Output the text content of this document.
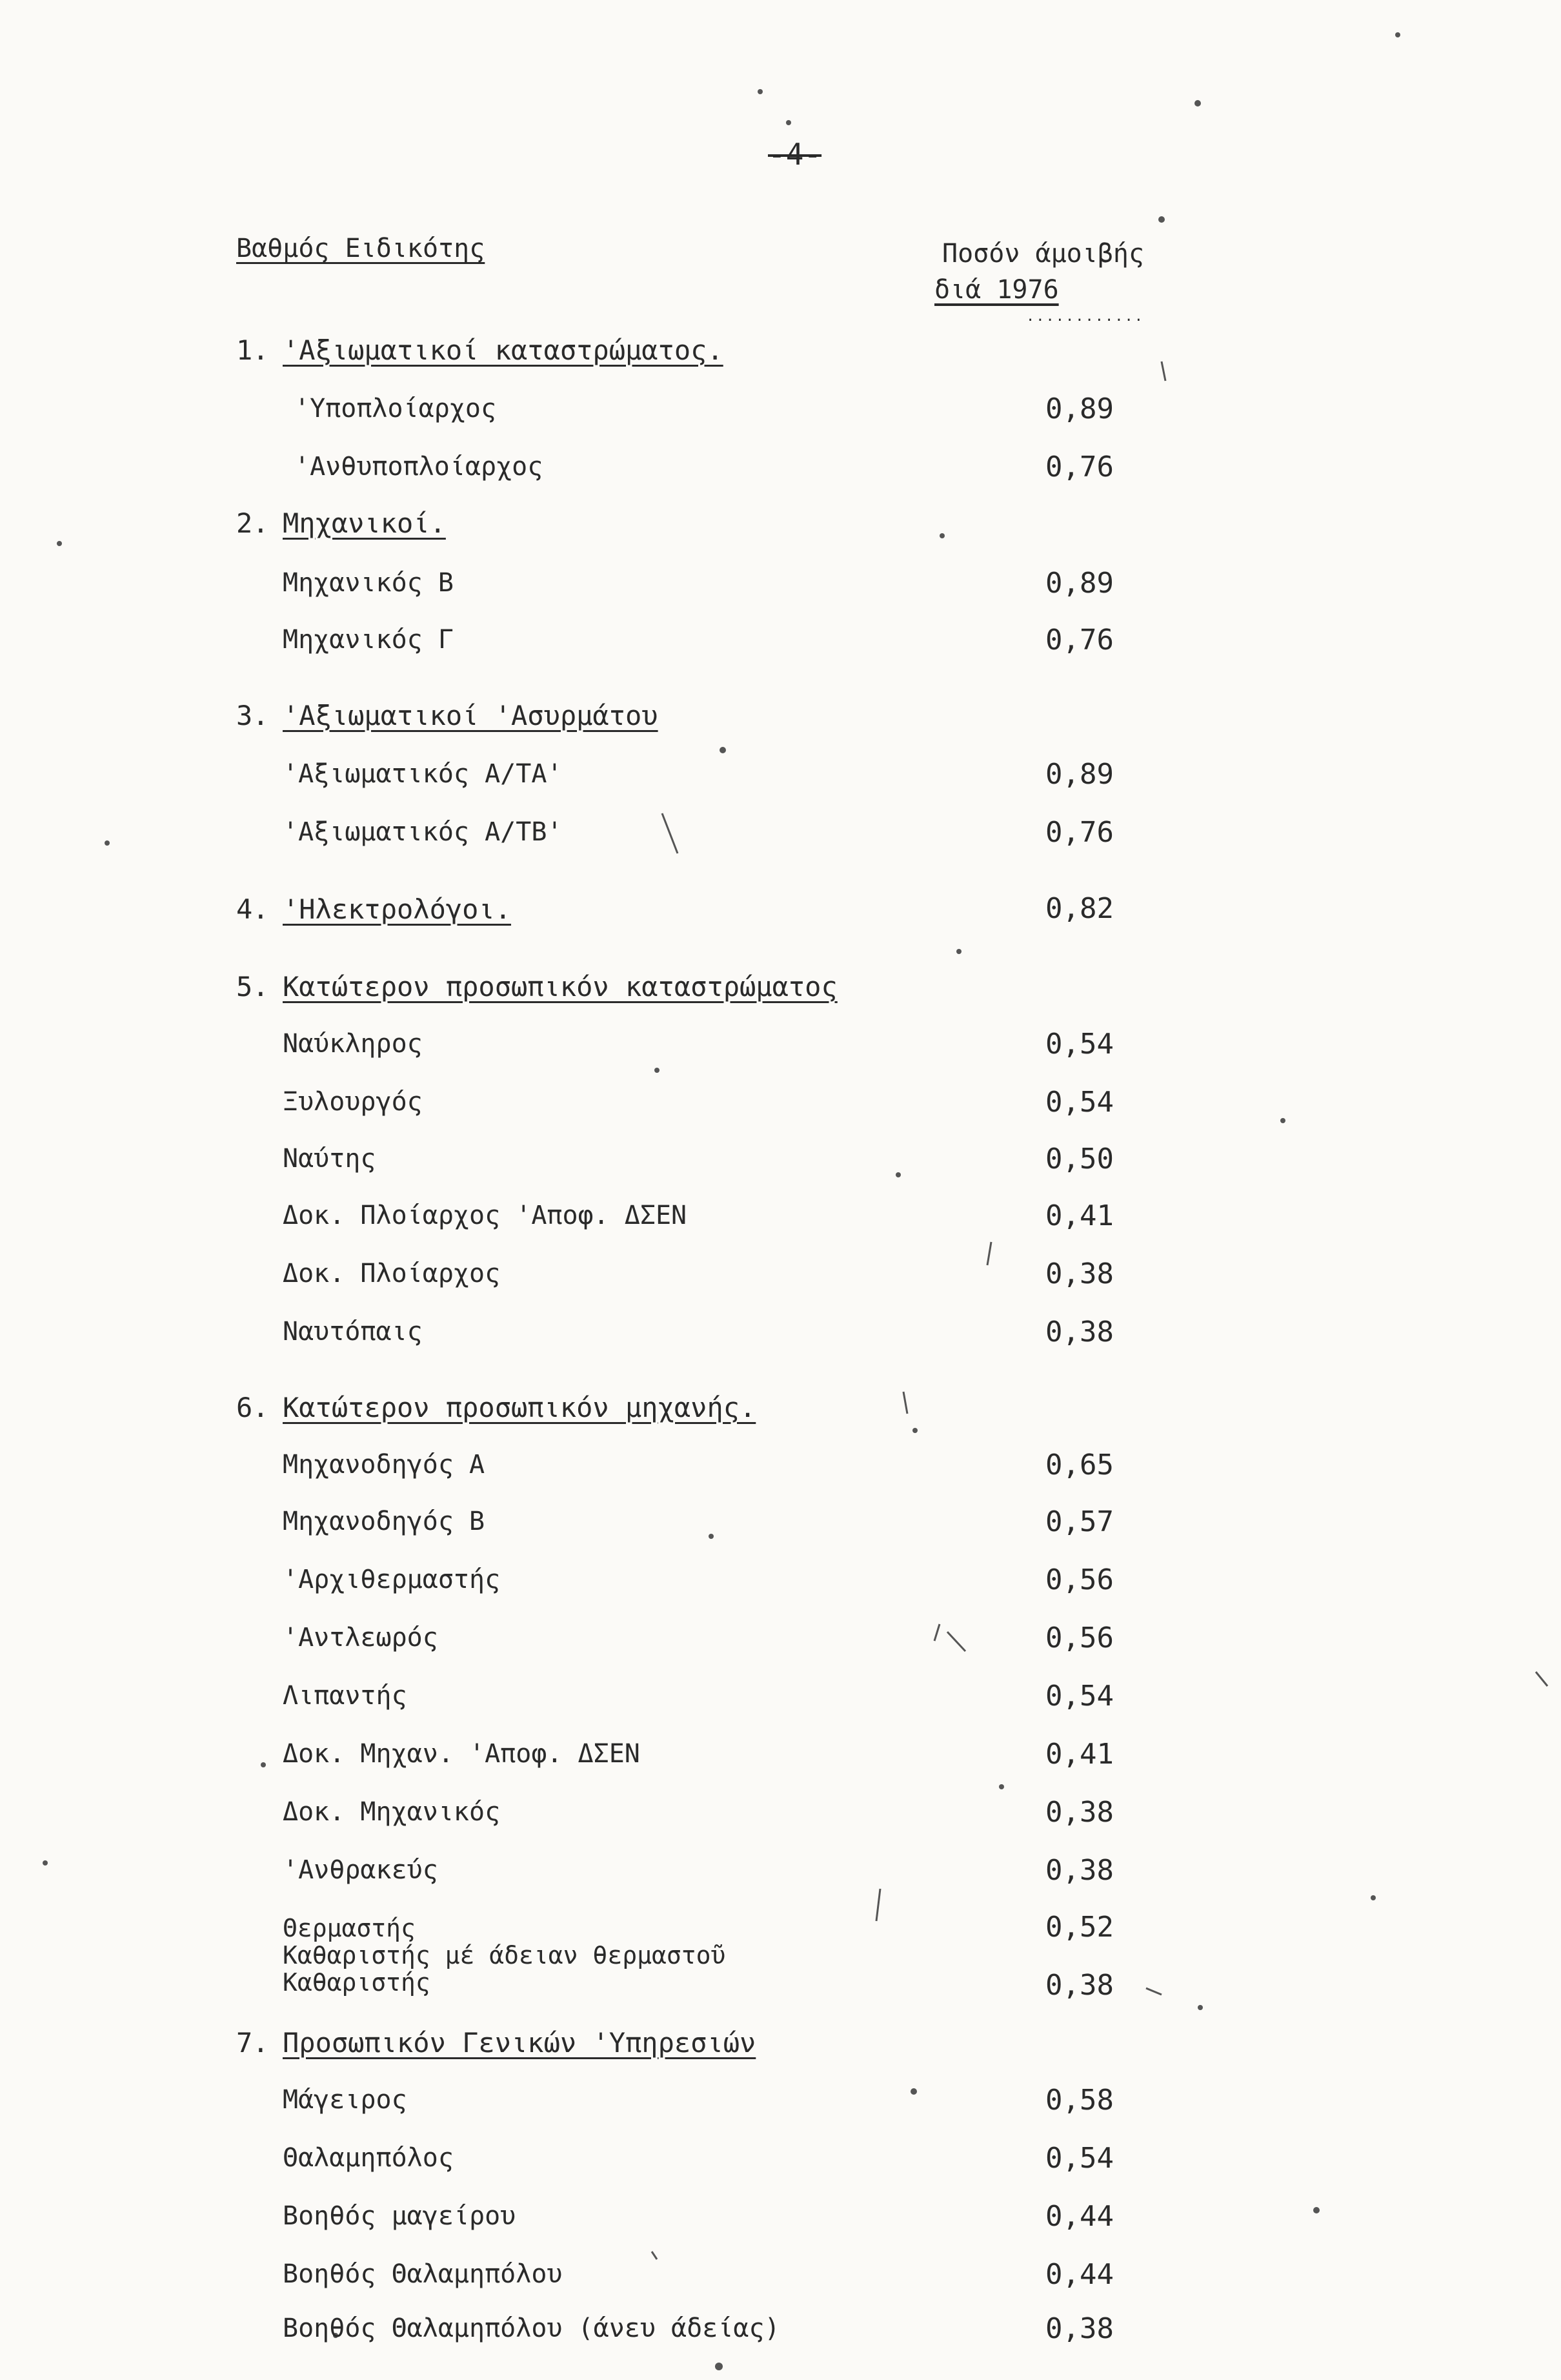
-4-
Βαθμός Ειδικότης	Ποσόν άμοιβής
διά 1976
............
1. 'Αξιωματικοί καταστρώματος.
'Υποπλοίαρχος	0,89
'Ανθυποπλοίαρχος	0,76
2. Μηχανικοί.
Μηχανικός Β	0,89
Μηχανικός Γ	0,76
3. 'Αξιωματικοί 'Ασυρμάτου
'Αξιωματικός Α/ΤΑ'	0,89
'Αξιωματικός Α/ΤΒ'	0,76
4. 'Ηλεκτρολόγοι.	0,82
5. Κατώτερον προσωπικόν καταστρώματος
Ναύκληρος	0,54
Ξυλουργός	0,54
Ναύτης	0,50
Δοκ. Πλοίαρχος 'Αποφ. ΔΣΕΝ	0,41
Δοκ. Πλοίαρχος	0,38
Ναυτόπαις	0,38
6. Κατώτερον προσωπικόν μηχανής.
Μηχανοδηγός Α	0,65
Μηχανοδηγός Β	0,57
'Αρχιθερμαστής	0,56
'Αντλεωρός	0,56
Λιπαντής	0,54
Δοκ. Μηχαν. 'Αποφ. ΔΣΕΝ	0,41
Δοκ. Μηχανικός	0,38
'Ανθρακεύς	0,38
Θερμαστής	0,52
Καθαριστής μέ άδειαν θερμαστοῦ
Καθαριστής	0,38
7. Προσωπικόν Γενικών 'Υπηρεσιών
Μάγειρος	0,58
Θαλαμηπόλος	0,54
Βοηθός μαγείρου	0,44
Βοηθός Θαλαμηπόλου	0,44
Βοηθός Θαλαμηπόλου (άνευ άδείας)	0,38
